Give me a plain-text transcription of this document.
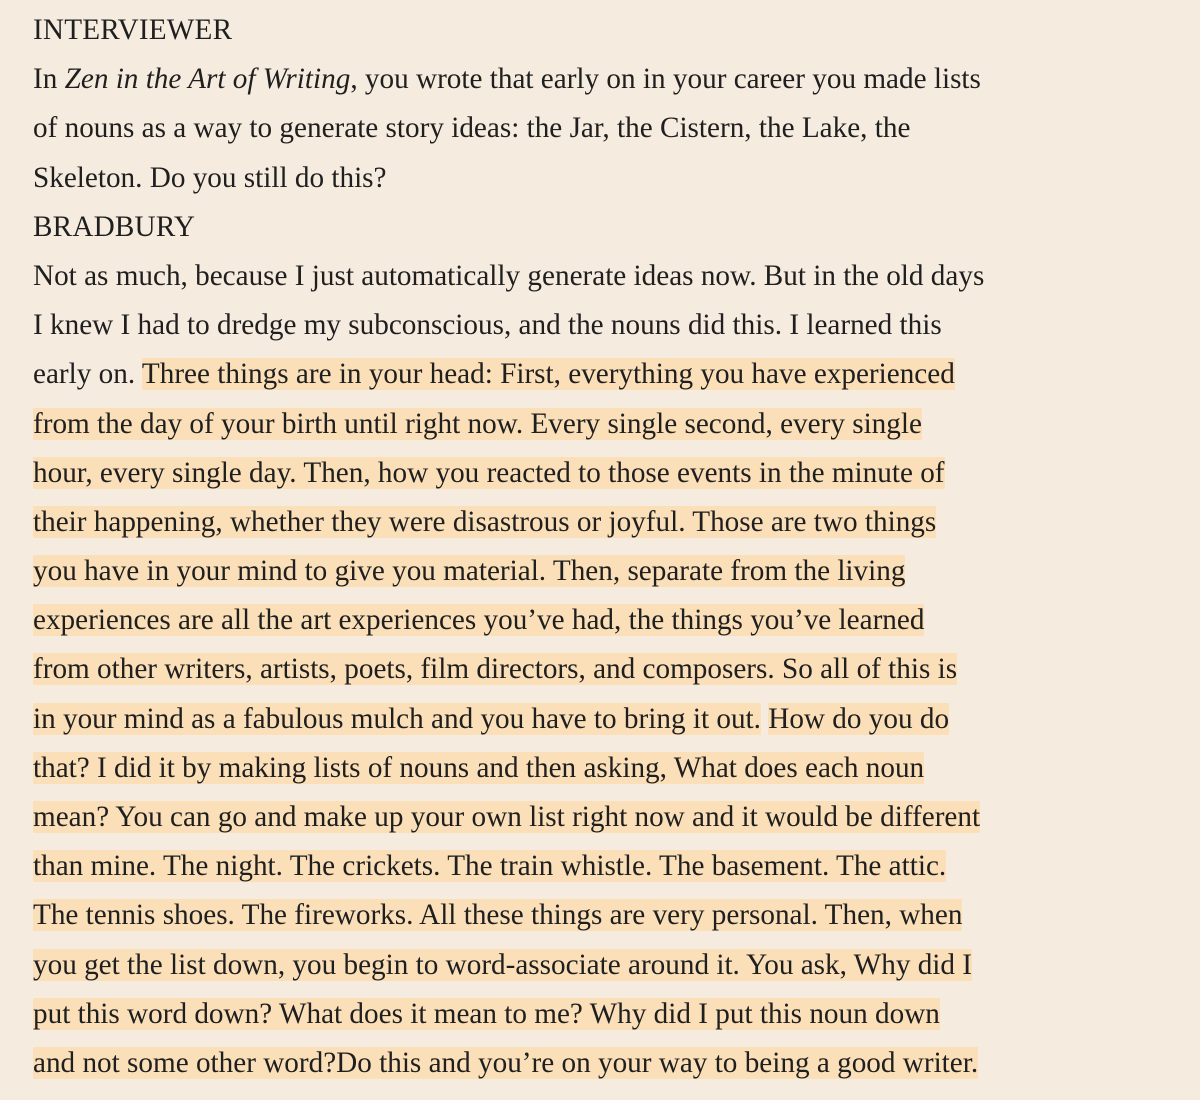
INTERVIEWER
In Zen in the Art of Writing, you wrote that early on in your career you made lists
of nouns as a way to generate story ideas: the Jar, the Cistern, the Lake, the
Skeleton. Do you still do this?
BRADBURY
Not as much, because I just automatically generate ideas now. But in the old days
I knew I had to dredge my subconscious, and the nouns did this. I learned this
early on. Three things are in your head: First, everything you have experienced
from the day of your birth until right now. Every single second, every single
hour, every single day. Then, how you reacted to those events in the minute of
their happening, whether they were disastrous or joyful. Those are two things
you have in your mind to give you material. Then, separate from the living
experiences are all the art experiences you’ve had, the things you’ve learned
from other writers, artists, poets, film directors, and composers. So all of this is
in your mind as a fabulous mulch and you have to bring it out. How do you do
that? I did it by making lists of nouns and then asking, What does each noun
mean? You can go and make up your own list right now and it would be different
than mine. The night. The crickets. The train whistle. The basement. The attic.
The tennis shoes. The fireworks. All these things are very personal. Then, when
you get the list down, you begin to word-associate around it. You ask, Why did I
put this word down? What does it mean to me? Why did I put this noun down
and not some other word?Do this and you’re on your way to being a good writer.
